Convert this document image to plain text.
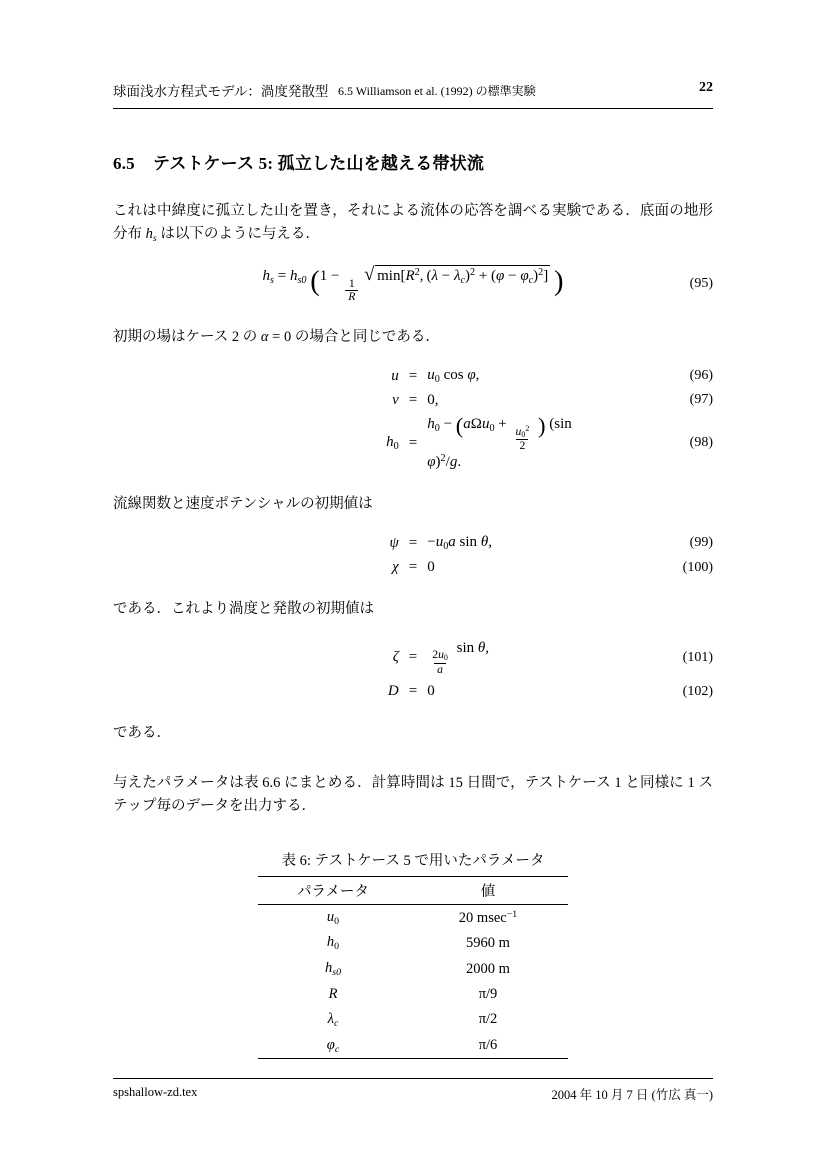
球面浅水方程式モデル：渦度発散型 6.5 Williamson et al. (1992) の標準実験	22
6.5 テストケース 5: 孤立した山を越える帯状流

これは中緯度に孤立した山を置き，それによる流体の応答を調べる実験である．底面の地形分布 hs は以下のように与える．

hs = hs0 (1 −
$\frac{1}{R}$
√ $\min[R^2$, $(\lambda - \lambda c)^2 + (\varphi - \varphi c)^2$] )	(95)

初期の場はケース 2 の α = 0 の場合と同じである．

$u = u_0$ cos φ,	(96)
v = 0,	(97)
$h_0$ =
$h_0 - (a\Omega u_0$ +
$\frac{u_0^2}{2}$ ) (sin φ)$^2$/g.
(98)

流線関数と速度ポテンシャルの初期値は

$\psi = -u_0a$ sin θ,	(99)
χ = 0	(100)

である．これより渦度と発散の初期値は

$\zeta = \frac{2u_0}{a}$
sin θ,
(101)
D = 0	(102)

である．

与えたパラメータは表 6.6 にまとめる．計算時間は 15 日間で，テストケース 1 と同様に 1 ステップ毎のデータを出力する．

表 6: テストケース 5 で用いたパラメータ
パラメータ	値
$u_0$	20 msec$^{-1}$
$h_0$	5960 m
hs0	2000 m
R	π/9
λc	π/2
φc	π/6
spshallow-zd.tex	2004 年 10 月 7 日 (竹広 真一)
